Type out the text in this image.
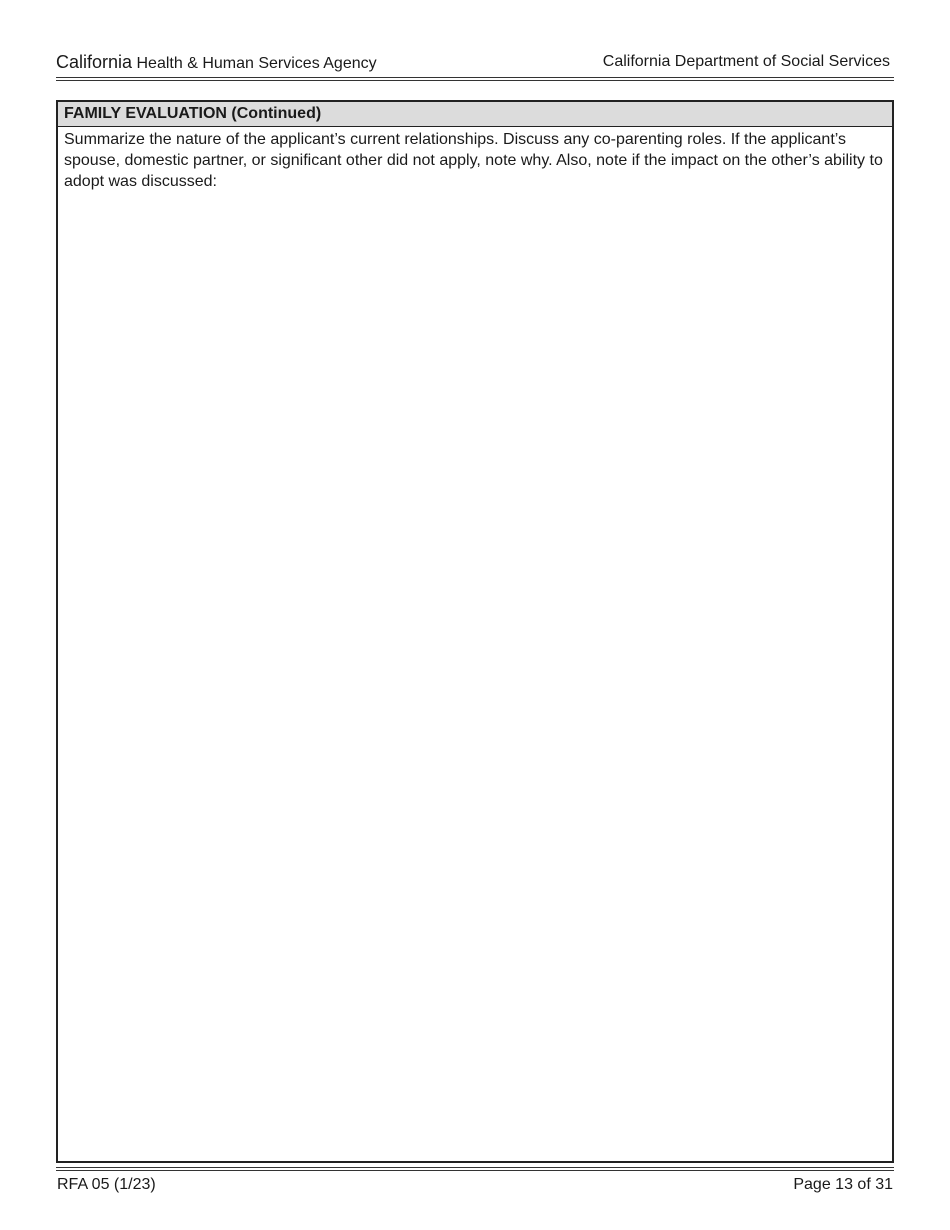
California Health & Human Services Agency	California Department of Social Services
FAMILY EVALUATION (Continued)
Summarize the nature of the applicant’s current relationships. Discuss any co-parenting roles. If the applicant’s spouse, domestic partner, or significant other did not apply, note why. Also, note if the impact on the other’s ability to adopt was discussed:
RFA 05 (1/23)	Page 13 of 31
